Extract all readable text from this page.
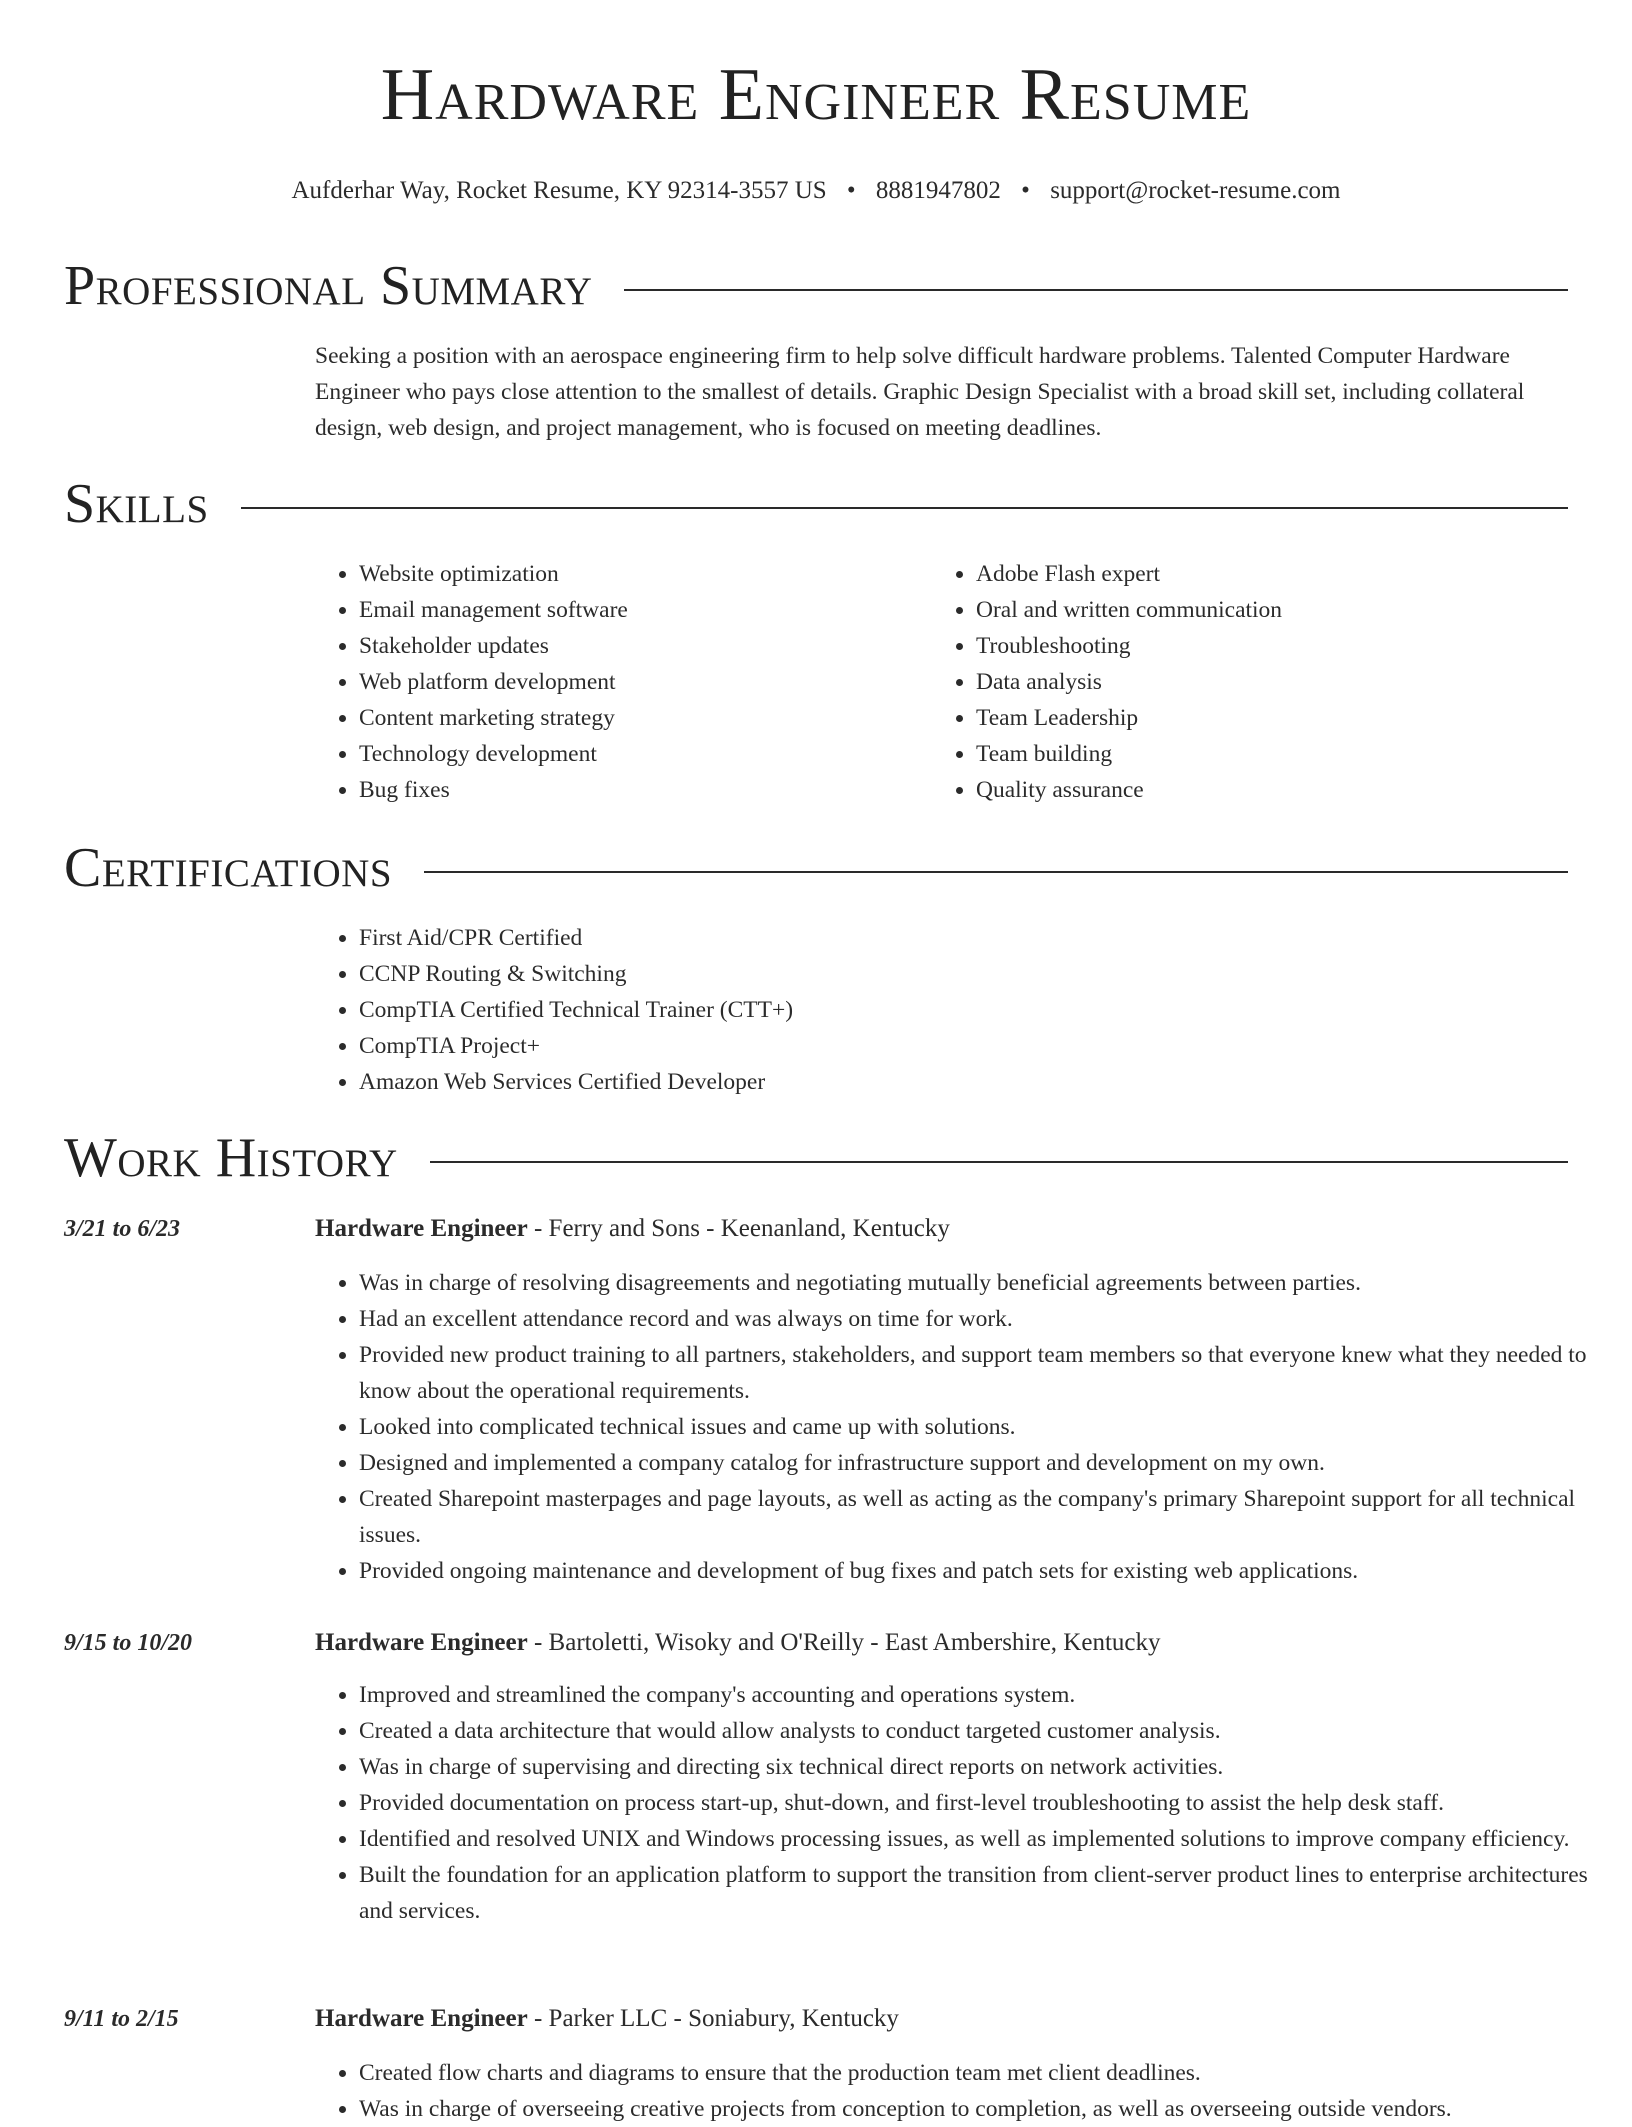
Hardware Engineer Resume
Aufderhar Way, Rocket Resume, KY 92314-3557 US • 8881947802 • support@rocket-resume.com
Professional Summary

Seeking a position with an aerospace engineering firm to help solve difficult hardware problems. Talented Computer Hardware Engineer who pays close attention to the smallest of details. Graphic Design Specialist with a broad skill set, including collateral design, web design, and project management, who is focused on meeting deadlines.

Skills
• Website optimization
• Email management software
• Stakeholder updates
• Web platform development
• Content marketing strategy
• Technology development
• Bug fixes
• Adobe Flash expert
• Oral and written communication
• Troubleshooting
• Data analysis
• Team Leadership
• Team building
• Quality assurance
Certifications
• First Aid/CPR Certified
• CCNP Routing & Switching
• CompTIA Certified Technical Trainer (CTT+)
• CompTIA Project+
• Amazon Web Services Certified Developer
Work History
3/21 to 6/23	Hardware Engineer - Ferry and Sons - Keenanland, Kentucky
• Was in charge of resolving disagreements and negotiating mutually beneficial agreements between parties.
• Had an excellent attendance record and was always on time for work.
• Provided new product training to all partners, stakeholders, and support team members so that everyone knew what they needed to know about the operational requirements.
• Looked into complicated technical issues and came up with solutions.
• Designed and implemented a company catalog for infrastructure support and development on my own.
• Created Sharepoint masterpages and page layouts, as well as acting as the company's primary Sharepoint support for all technical issues.
• Provided ongoing maintenance and development of bug fixes and patch sets for existing web applications.
9/15 to 10/20	Hardware Engineer - Bartoletti, Wisoky and O'Reilly - East Ambershire, Kentucky
• Improved and streamlined the company's accounting and operations system.
• Created a data architecture that would allow analysts to conduct targeted customer analysis.
• Was in charge of supervising and directing six technical direct reports on network activities.
• Provided documentation on process start-up, shut-down, and first-level troubleshooting to assist the help desk staff.
• Identified and resolved UNIX and Windows processing issues, as well as implemented solutions to improve company efficiency.
• Built the foundation for an application platform to support the transition from client-server product lines to enterprise architectures and services.
9/11 to 2/15	Hardware Engineer - Parker LLC - Soniabury, Kentucky
• Created flow charts and diagrams to ensure that the production team met client deadlines.
• Was in charge of overseeing creative projects from conception to completion, as well as overseeing outside vendors.
